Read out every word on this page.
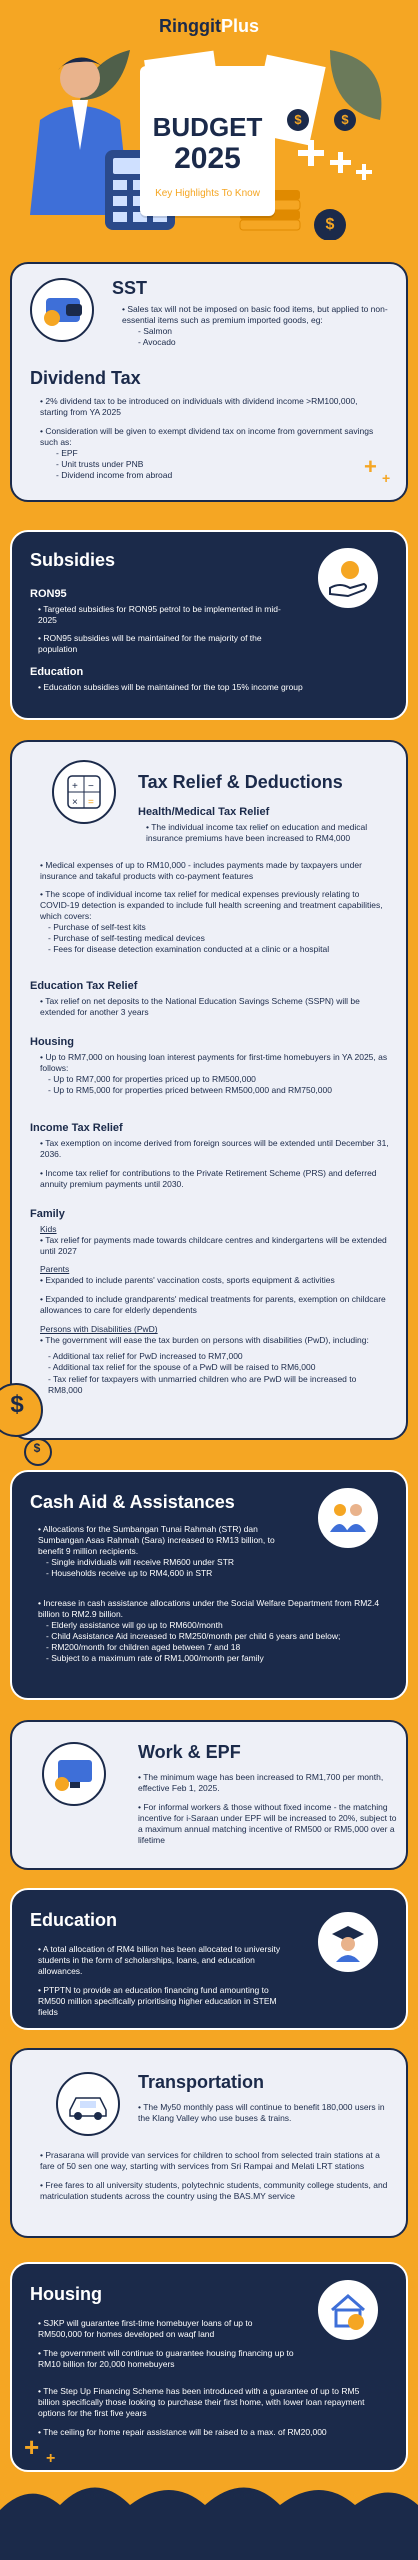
RinggitPlus
$	$
$
BUDGET
2025
Key Highlights To Know
SST

• Sales tax will not be imposed on basic food items, but applied to non-essential items such as premium imported goods, eg:

- Salmon

- Avocado

Dividend Tax

• 2% dividend tax to be introduced on individuals with dividend income >RM100,000, starting from YA 2025

• Consideration will be given to exempt dividend tax on income from government savings such as:

- EPF

- Unit trusts under PNB

- Dividend income from abroad	+ +
Subsidies
RON95

• Targeted subsidies for RON95 petrol to be implemented in mid-2025

• RON95 subsidies will be maintained for the majority of the population

Education

• Education subsidies will be maintained for the top 15% income group

+ −
× =
Tax Relief & Deductions
Health/Medical Tax Relief

• The individual income tax relief on education and medical insurance premiums have been increased to RM4,000

• Medical expenses of up to RM10,000 - includes payments made by taxpayers under insurance and takaful products with co-payment features

• The scope of individual income tax relief for medical expenses previously relating to COVID-19 detection is expanded to include full health screening and treatment capabilities, which covers:

- Purchase of self-test kits

- Purchase of self-testing medical devices

- Fees for disease detection examination conducted at a clinic or a hospital

Education Tax Relief

• Tax relief on net deposits to the National Education Savings Scheme (SSPN) will be extended for another 3 years

Housing

• Up to RM7,000 on housing loan interest payments for first-time homebuyers in YA 2025, as follows:

- Up to RM7,000 for properties priced up to RM500,000

- Up to RM5,000 for properties priced between RM500,000 and RM750,000

Income Tax Relief

• Tax exemption on income derived from foreign sources will be extended until December 31, 2036.

• Income tax relief for contributions to the Private Retirement Scheme (PRS) and deferred annuity premium payments until 2030.

Family

Kids

• Tax relief for payments made towards childcare centres and kindergartens will be extended until 2027

Parents

• Expanded to include parents' vaccination costs, sports equipment & activities

• Expanded to include grandparents' medical treatments for parents, exemption on childcare allowances to care for elderly dependents

Persons with Disabilities (PwD)

• The government will ease the tax burden on persons with disabilities (PwD), including:

- Additional tax relief for PwD increased to RM7,000

- Additional tax relief for the spouse of a PwD will be raised to RM6,000

- Tax relief for taxpayers with unmarried children who are PwD will be increased to RM8,000

$
$
Cash Aid & Assistances

• Allocations for the Sumbangan Tunai Rahmah (STR) dan Sumbangan Asas Rahmah (Sara) increased to RM13 billion, to benefit 9 million recipients.

- Single individuals will receive RM600 under STR

- Households receive up to RM4,600 in STR

• Increase in cash assistance allocations under the Social Welfare Department from RM2.4 billion to RM2.9 billion.

- Elderly assistance will go up to RM600/month

- Child Assistance Aid increased to RM250/month per child 6 years and below;

- RM200/month for children aged between 7 and 18

- Subject to a maximum rate of RM1,000/month per family

Work & EPF

• The minimum wage has been increased to RM1,700 per month, effective Feb 1, 2025.

• For informal workers & those without fixed income - the matching incentive for i-Saraan under EPF will be increased to 20%, subject to a maximum annual matching incentive of RM500 or RM5,000 over a lifetime

Education

• A total allocation of RM4 billion has been allocated to university students in the form of scholarships, loans, and education allowances.

• PTPTN to provide an education financing fund amounting to RM500 million specifically prioritising higher education in STEM fields

Transportation

• The My50 monthly pass will continue to benefit 180,000 users in the Klang Valley who use buses & trains.

• Prasarana will provide van services for children to school from selected train stations at a fare of 50 sen one way, starting with services from Sri Rampai and Melati LRT stations

• Free fares to all university students, polytechnic students, community college students, and matriculation students across the country using the BAS.MY service

Housing

• SJKP will guarantee first-time homebuyer loans of up to RM500,000 for homes developed on waqf land

• The government will continue to guarantee housing financing up to RM10 billion for 20,000 homebuyers

• The Step Up Financing Scheme has been introduced with a guarantee of up to RM5 billion specifically those looking to purchase their first home, with lower loan repayment options for the first five years

• The ceiling for home repair assistance will be raised to a max. of RM20,000

+ +
